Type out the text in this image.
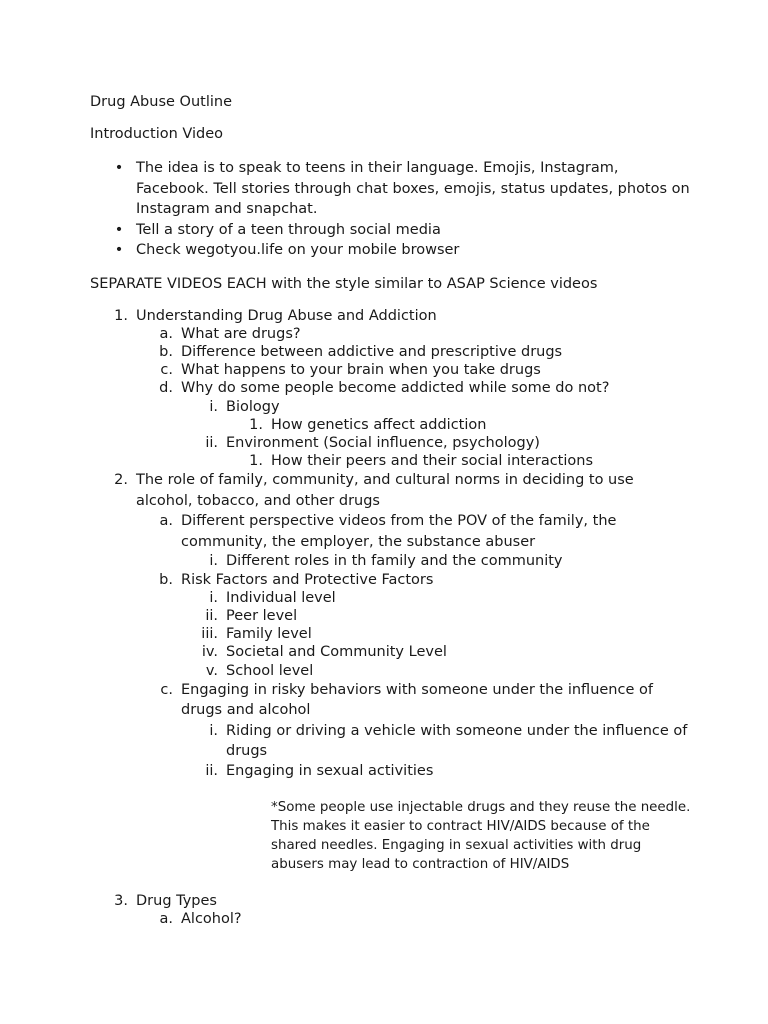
Drug Abuse Outline

Introduction Video

• The idea is to speak to teens in their language. Emojis, Instagram, Facebook. Tell stories through chat boxes, emojis, status updates, photos on Instagram and snapchat.
• Tell a story of a teen through social media
• Check wegotyou.life on your mobile browser

SEPARATE VIDEOS EACH with the style similar to ASAP Science videos

1. Understanding Drug Abuse and Addiction
a. What are drugs?
b. Difference between addictive and prescriptive drugs
c. What happens to your brain when you take drugs
d. Why do some people become addicted while some do not?
i. Biology
1. How genetics affect addiction
ii. Environment (Social influence, psychology)
1. How their peers and their social interactions
2. The role of family, community, and cultural norms in deciding to use alcohol, tobacco, and other drugs
a. Different perspective videos from the POV of the family, the community, the employer, the substance abuser
i. Different roles in th family and the community
b. Risk Factors and Protective Factors
i. Individual level
ii. Peer level
iii. Family level
iv. Societal and Community Level
v. School level
c. Engaging in risky behaviors with someone under the influence of drugs and alcohol
i. Riding or driving a vehicle with someone under the influence of drugs
ii. Engaging in sexual activities

*Some people use injectable drugs and they reuse the needle. This makes it easier to contract HIV/AIDS because of the shared needles. Engaging in sexual activities with drug abusers may lead to contraction of HIV/AIDS

3. Drug Types
a. Alcohol?
